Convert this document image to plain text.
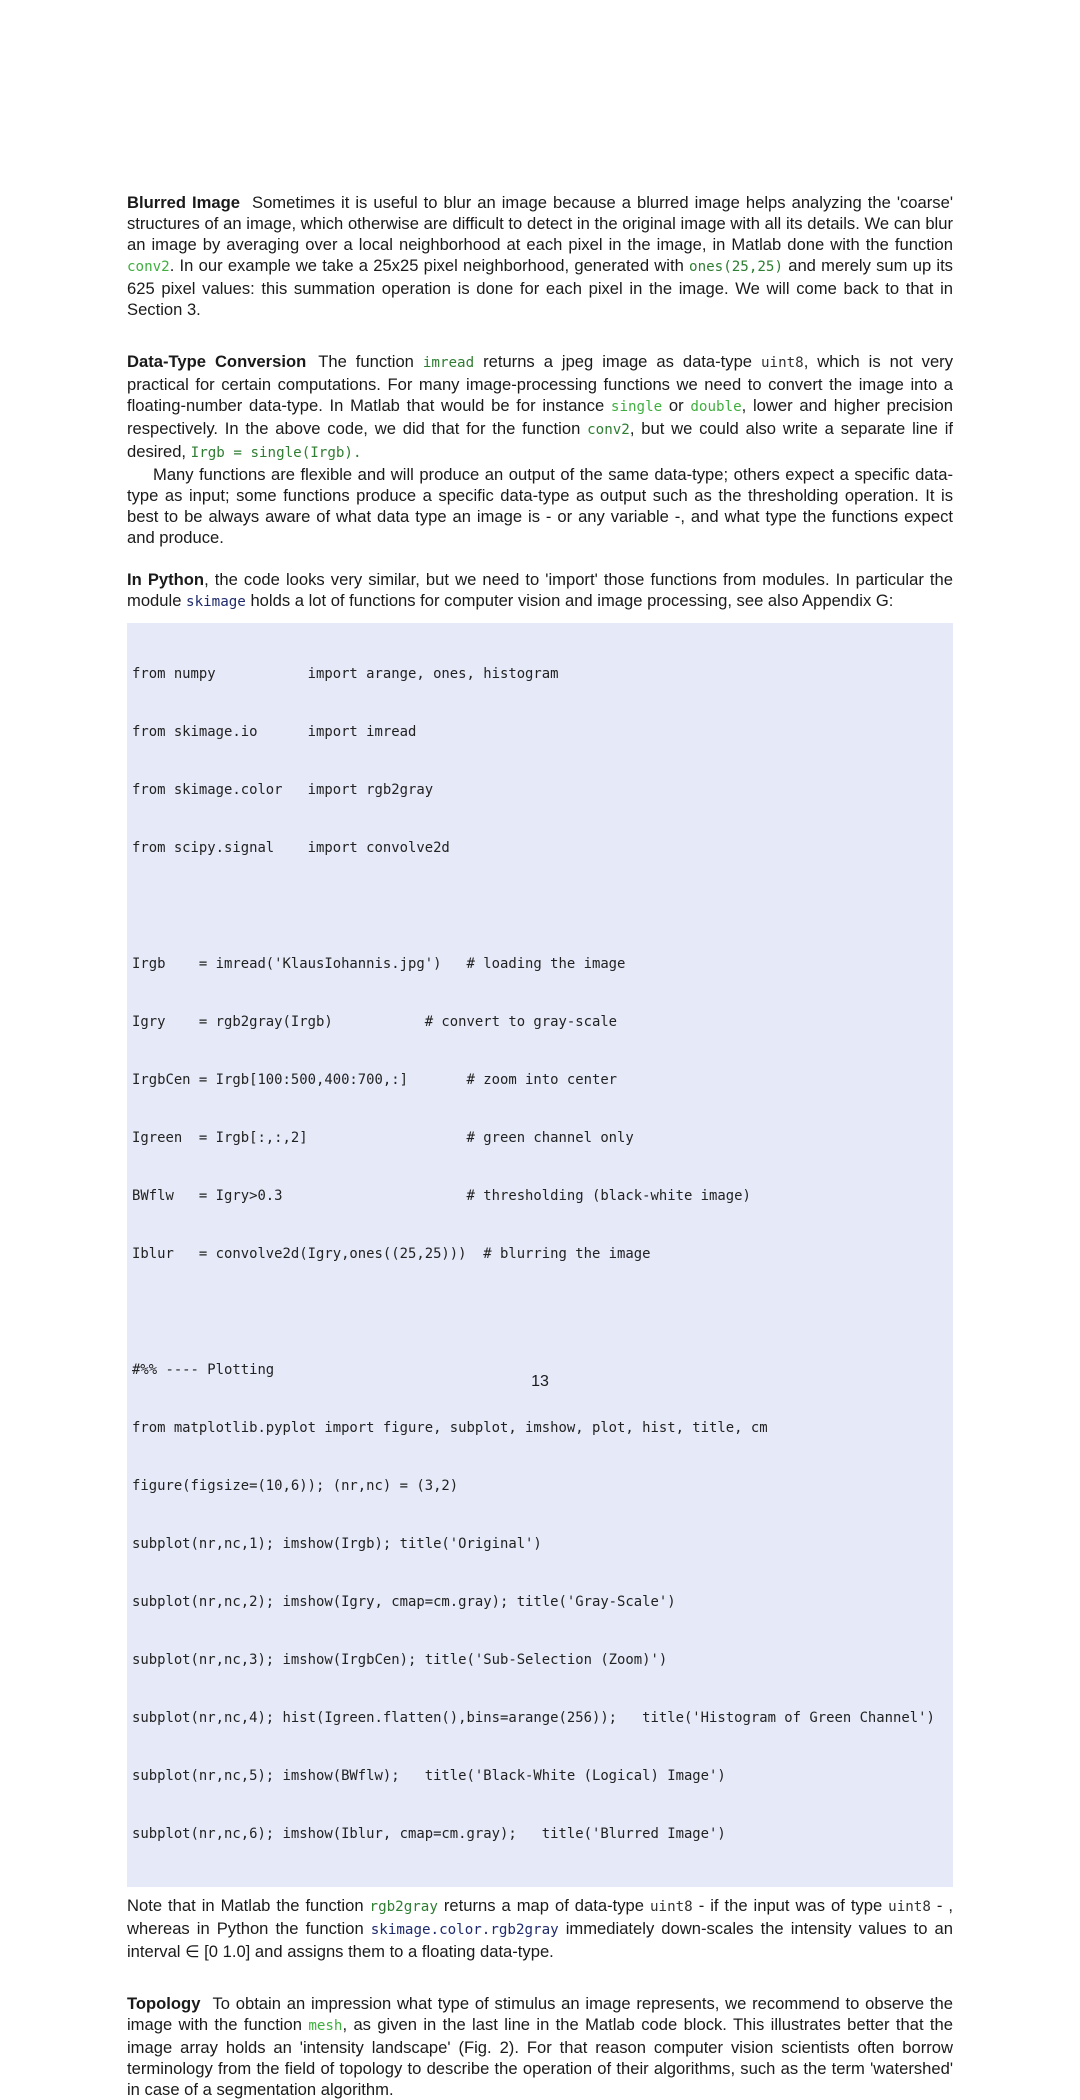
Blurred Image Sometimes it is useful to blur an image because a blurred image helps analyzing the 'coarse' structures of an image, which otherwise are difficult to detect in the original image with all its details. We can blur an image by averaging over a local neighborhood at each pixel in the image, in Matlab done with the function conv2. In our example we take a 25x25 pixel neighborhood, generated with ones(25,25) and merely sum up its 625 pixel values: this summation operation is done for each pixel in the image. We will come back to that in Section 3.

Data-Type Conversion The function imread returns a jpeg image as data-type uint8, which is not very practical for certain computations. For many image-processing functions we need to convert the image into a floating-number data-type. In Matlab that would be for instance single or double, lower and higher precision respectively. In the above code, we did that for the function conv2, but we could also write a separate line if desired, Irgb = single(Irgb).

Many functions are flexible and will produce an output of the same data-type; others expect a specific data-type as input; some functions produce a specific data-type as output such as the thresholding operation. It is best to be always aware of what data type an image is - or any variable -, and what type the functions expect and produce.

In Python, the code looks very similar, but we need to 'import' those functions from modules. In particular the module skimage holds a lot of functions for computer vision and image processing, see also Appendix G:

from numpy           import arange, ones, histogram

from skimage.io      import imread

from skimage.color   import rgb2gray

from scipy.signal    import convolve2d

Irgb    = imread('KlausIohannis.jpg')   # loading the image

Igry    = rgb2gray(Irgb)           # convert to gray-scale

IrgbCen = Irgb[100:500,400:700,:]       # zoom into center

Igreen  = Irgb[:,:,2]                   # green channel only

BWflw   = Igry>0.3                      # thresholding (black-white image)

Iblur   = convolve2d(Igry,ones((25,25)))  # blurring the image

#%% ---- Plotting

from matplotlib.pyplot import figure, subplot, imshow, plot, hist, title, cm

figure(figsize=(10,6)); (nr,nc) = (3,2)

subplot(nr,nc,1); imshow(Irgb); title('Original')

subplot(nr,nc,2); imshow(Igry, cmap=cm.gray); title('Gray-Scale')

subplot(nr,nc,3); imshow(IrgbCen); title('Sub-Selection (Zoom)')

subplot(nr,nc,4); hist(Igreen.flatten(),bins=arange(256));   title('Histogram of Green Channel')

subplot(nr,nc,5); imshow(BWflw);   title('Black-White (Logical) Image')

subplot(nr,nc,6); imshow(Iblur, cmap=cm.gray);   title('Blurred Image')

Note that in Matlab the function rgb2gray returns a map of data-type uint8 - if the input was of type uint8 - , whereas in Python the function skimage.color.rgb2gray immediately down-scales the intensity values to an interval ∈ [0 1.0] and assigns them to a floating data-type.

Topology To obtain an impression what type of stimulus an image represents, we recommend to observe the image with the function mesh, as given in the last line in the Matlab code block. This illustrates better that the image array holds an 'intensity landscape' (Fig. 2). For that reason computer vision scientists often borrow terminology from the field of topology to describe the operation of their algorithms, such as the term 'watershed' in case of a segmentation algorithm.

13
